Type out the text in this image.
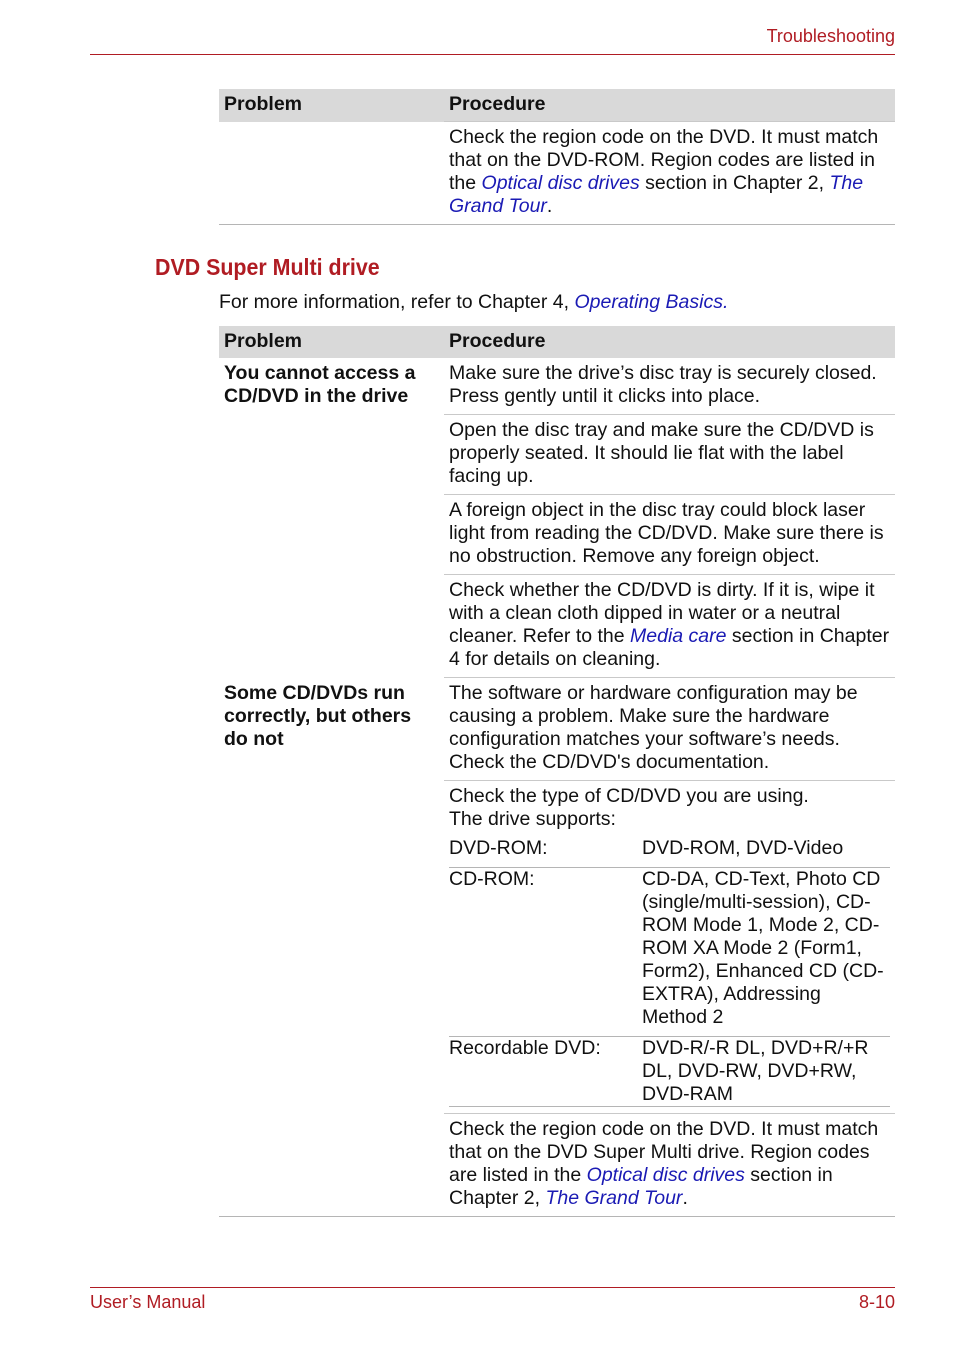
Troubleshooting
Problem	Procedure
	Check the region code on the DVD. It must match that on the DVD-ROM. Region codes are listed in the Optical disc drives section in Chapter 2, The Grand Tour.
DVD Super Multi drive
For more information, refer to Chapter 4, Operating Basics.
Problem	Procedure
You cannot access a CD/DVD in the drive	Make sure the drive’s disc tray is securely closed. Press gently until it clicks into place.
Open the disc tray and make sure the CD/DVD is properly seated. It should lie flat with the label facing up.
A foreign object in the disc tray could block laser light from reading the CD/DVD. Make sure there is no obstruction. Remove any foreign object.
Check whether the CD/DVD is dirty. If it is, wipe it with a clean cloth dipped in water or a neutral cleaner. Refer to the Media care section in Chapter 4 for details on cleaning.
Some CD/DVDs run correctly, but others do not	The software or hardware configuration may be causing a problem. Make sure the hardware configuration matches your software’s needs. Check the CD/DVD's documentation.

Check the type of CD/DVD you are using.
The drive supports:
DVD-ROM:	DVD-ROM, DVD-Video
CD-ROM:	CD-DA, CD-Text, Photo CD (single/multi-session), CD-ROM Mode 1, Mode 2, CD-ROM XA Mode 2 (Form1, Form2), Enhanced CD (CD-EXTRA), Addressing Method 2
Recordable DVD:	DVD-R/-R DL, DVD+R/+R DL, DVD-RW, DVD+RW, DVD-RAM

Check the region code on the DVD. It must match that on the DVD Super Multi drive. Region codes are listed in the Optical disc drives section in Chapter 2, The Grand Tour.
User’s Manual	8-10
